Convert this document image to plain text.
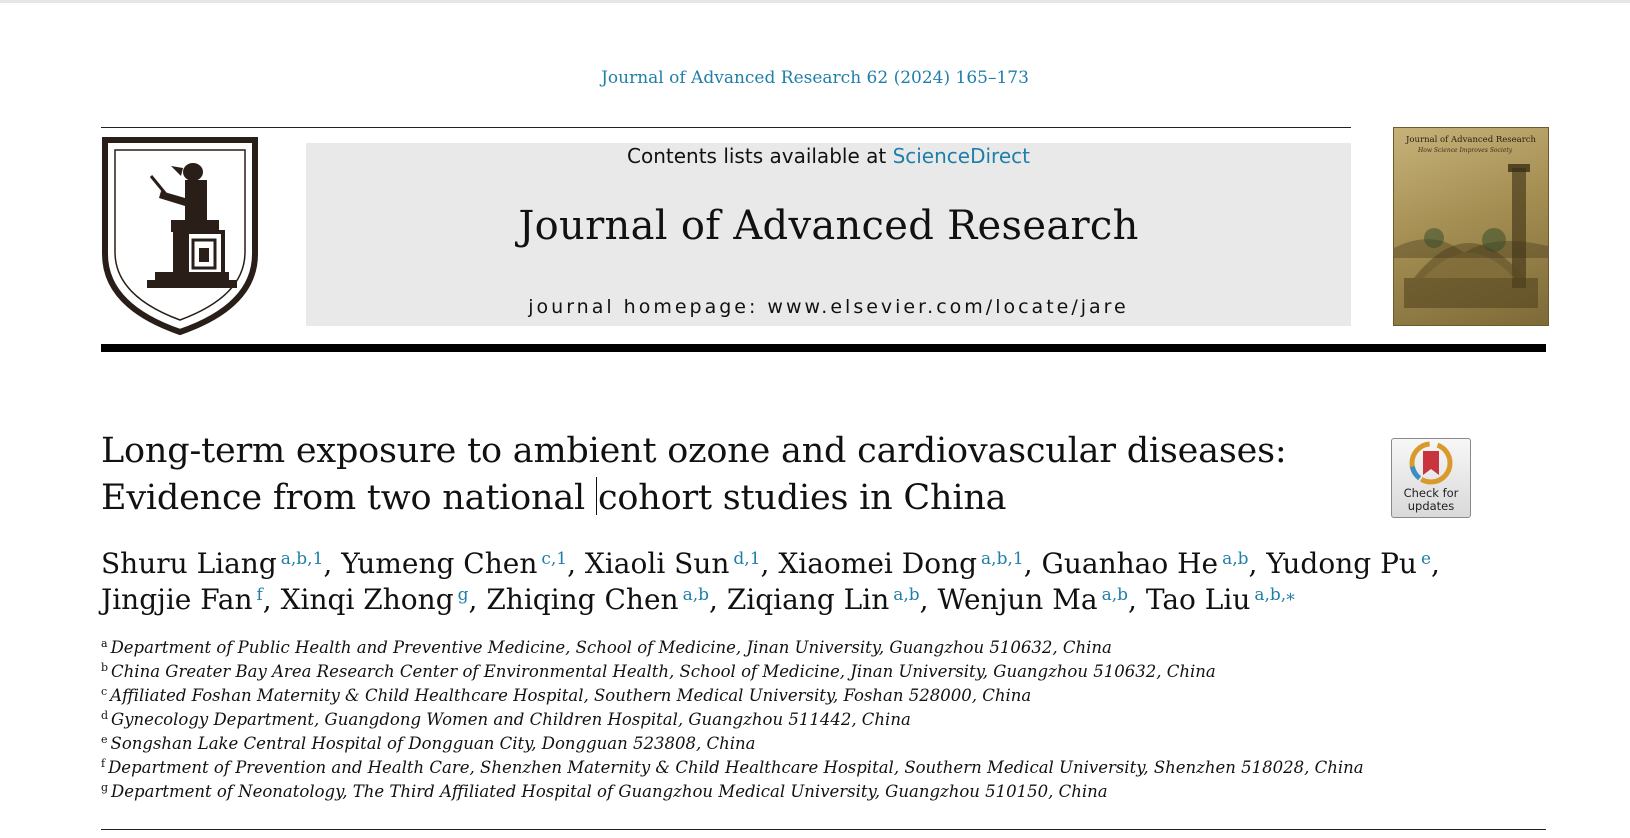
Journal of Advanced Research 62 (2024) 165–173
Contents lists available at ScienceDirect
Journal of Advanced Research
journal homepage: www.elsevier.com/locate/jare
Journal of Advanced Research
How Science Improves Society
Long-term exposure to ambient ozone and cardiovascular diseases:
Evidence from two national cohort studies in China	Check for
updates
Shuru Liang $^{a,b,1}$, Yumeng Chen $^{c,1}$, Xiaoli Sun $^{d,1}$, Xiaomei Dong $^{a,b,1}$, Guanhao He $^{a,b}$, Yudong Pu $^e$,
Jingjie Fan $^f$, Xinqi Zhong $^g$, Zhiqing Chen $^{a,b}$, Ziqiang Lin $^{a,b}$, Wenjun Ma $^{a,b}$, Tao Liu $^{a,b,⁎}$
$^a$ Department of Public Health and Preventive Medicine, School of Medicine, Jinan University, Guangzhou 510632, China
$^b$ China Greater Bay Area Research Center of Environmental Health, School of Medicine, Jinan University, Guangzhou 510632, China
$^c$ Affiliated Foshan Maternity & Child Healthcare Hospital, Southern Medical University, Foshan 528000, China
$^d$ Gynecology Department, Guangdong Women and Children Hospital, Guangzhou 511442, China
$^e$ Songshan Lake Central Hospital of Dongguan City, Dongguan 523808, China
$^f$ Department of Prevention and Health Care, Shenzhen Maternity & Child Healthcare Hospital, Southern Medical University, Shenzhen 518028, China
$^g$ Department of Neonatology, The Third Affiliated Hospital of Guangzhou Medical University, Guangzhou 510150, China
